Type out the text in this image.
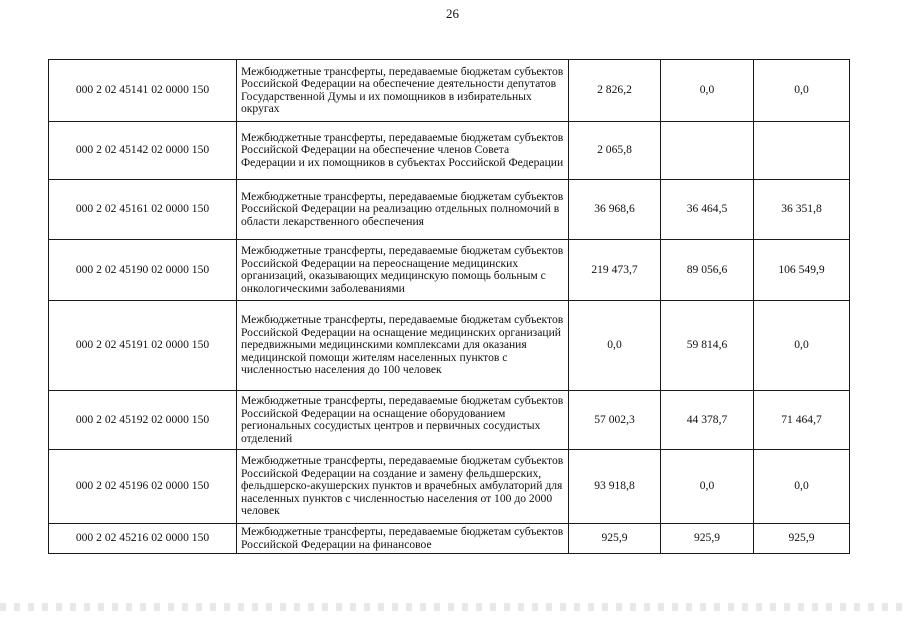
26
000 2 02 45141 02 0000 150	Межбюджетные трансферты, передаваемые бюджетам субъектов Российской Федерации на обеспечение деятельности депутатов Государственной Думы и их помощников в избирательных округах	2 826,2	0,0	0,0
000 2 02 45142 02 0000 150	Межбюджетные трансферты, передаваемые бюджетам субъектов Российской Федерации на обеспечение членов Совета Федерации и их помощников в субъектах Российской Федерации	2 065,8		
000 2 02 45161 02 0000 150	Межбюджетные трансферты, передаваемые бюджетам субъектов Российской Федерации на реализацию отдельных полномочий в области лекарственного обеспечения	36 968,6	36 464,5	36 351,8
000 2 02 45190 02 0000 150	Межбюджетные трансферты, передаваемые бюджетам субъектов Российской Федерации на переоснащение медицинских организаций, оказывающих медицинскую помощь больным с онкологическими заболеваниями	219 473,7	89 056,6	106 549,9
000 2 02 45191 02 0000 150	Межбюджетные трансферты, передаваемые бюджетам субъектов Российской Федерации на оснащение медицинских организаций передвижными медицинскими комплексами для оказания медицинской помощи жителям населенных пунктов с численностью населения до 100 человек	0,0	59 814,6	0,0
000 2 02 45192 02 0000 150	Межбюджетные трансферты, передаваемые бюджетам субъектов Российской Федерации на оснащение оборудованием региональных сосудистых центров и первичных сосудистых отделений	57 002,3	44 378,7	71 464,7
000 2 02 45196 02 0000 150	Межбюджетные трансферты, передаваемые бюджетам субъектов Российской Федерации на создание и замену фельдшерских, фельдшерско-акушерских пунктов и врачебных амбулаторий для населенных пунктов с численностью населения от 100 до 2000 человек	93 918,8	0,0	0,0
000 2 02 45216 02 0000 150	Межбюджетные трансферты, передаваемые бюджетам субъектов Российской Федерации на финансовое	925,9	925,9	925,9
